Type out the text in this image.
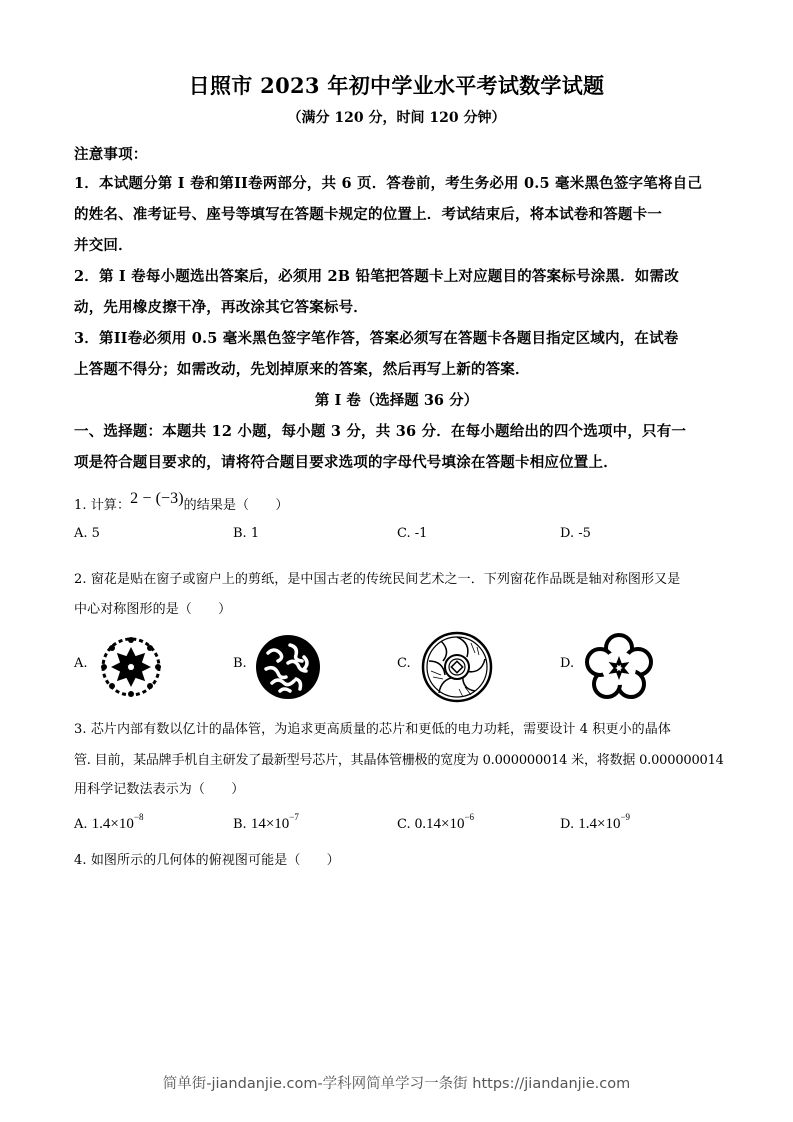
日照市 2023 年初中学业水平考试数学试题
（满分 120 分，时间 120 分钟）
注意事项：
1．本试题分第 I 卷和第II卷两部分，共 6 页．答卷前，考生务必用 0.5 毫米黑色签字笔将自己
的姓名、准考证号、座号等填写在答题卡规定的位置上．考试结束后，将本试卷和答题卡一
并交回．
2．第 I 卷每小题选出答案后，必须用 2B 铅笔把答题卡上对应题目的答案标号涂黑．如需改
动，先用橡皮擦干净，再改涂其它答案标号．
3．第II卷必须用 0.5 毫米黑色签字笔作答，答案必须写在答题卡各题目指定区域内，在试卷
上答题不得分；如需改动，先划掉原来的答案，然后再写上新的答案．
第 I 卷（选择题 36 分）
一、选择题：本题共 12 小题，每小题 3 分，共 36 分．在每小题给出的四个选项中，只有一
项是符合题目要求的，请将符合题目要求选项的字母代号填涂在答题卡相应位置上．
1. 计算：2 − (−3)的结果是（　　）
A. 5	B. 1	C. -1	D. -5
2. 窗花是贴在窗子或窗户上的剪纸，是中国古老的传统民间艺术之一．下列窗花作品既是轴对称图形又是
中心对称图形的是（　　）
A.	B.	C.	D.
3. 芯片内部有数以亿计的晶体管，为追求更高质量的芯片和更低的电力功耗，需要设计 4 积更小的晶体
管. 目前，某品牌手机自主研发了最新型号芯片，其晶体管栅极的宽度为 0.000000014 米，将数据 0.000000014
用科学记数法表示为（　　）
A. $1.4\times 10^{-8}$	B. $14\times 10^{-7}$	C. $0.14\times 10^{-6}$	D. $1.4\times 10^{-9}$
4. 如图所示的几何体的俯视图可能是（　　）
简单街-jiandanjie.com-学科网简单学习一条街 https://jiandanjie.com
